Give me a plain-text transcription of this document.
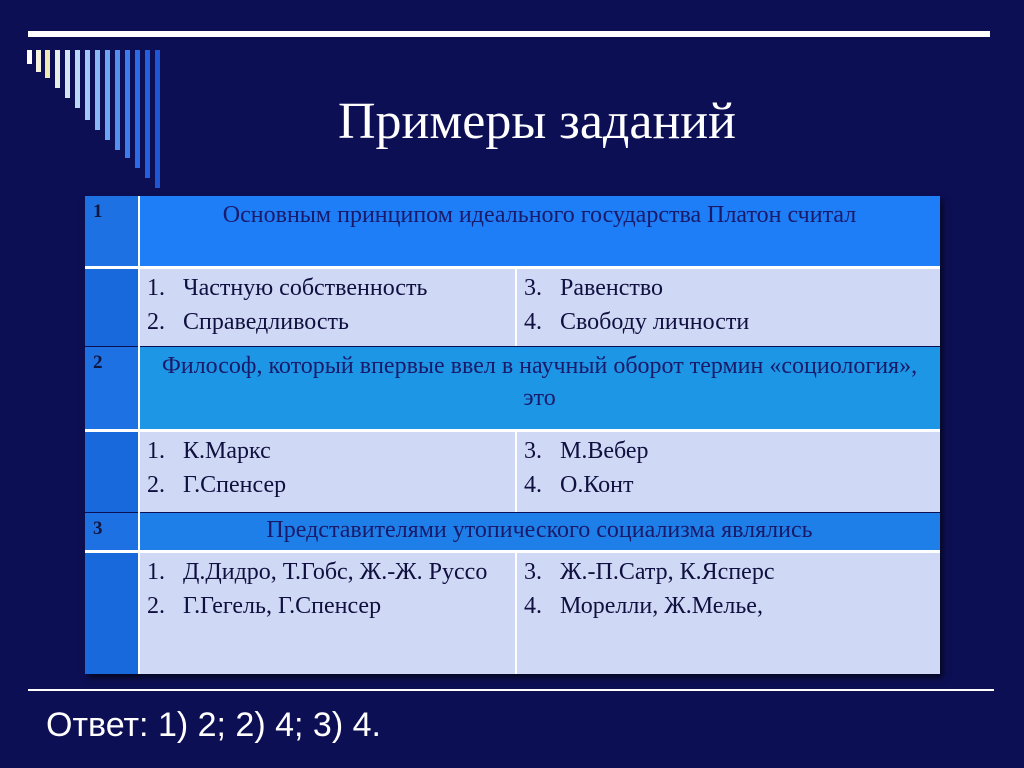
Примеры заданий
1	Основным принципом идеального государства Платон считал
1. Частную собственность
2. Справедливость
3. Равенство
4. Свободу личности
2	Философ, который впервые ввел в научный оборот термин «социология», это
1. К.Маркс
2. Г.Спенсер
3. М.Вебер
4. О.Конт
3	Представителями утопического социализма являлись
1. Д.Дидро, Т.Гобс, Ж.-Ж. Руссо
2. Г.Гегель, Г.Спенсер
3. Ж.-П.Сатр, К.Ясперс
4. Морелли, Ж.Мелье,
Ответ: 1) 2; 2) 4; 3) 4.
